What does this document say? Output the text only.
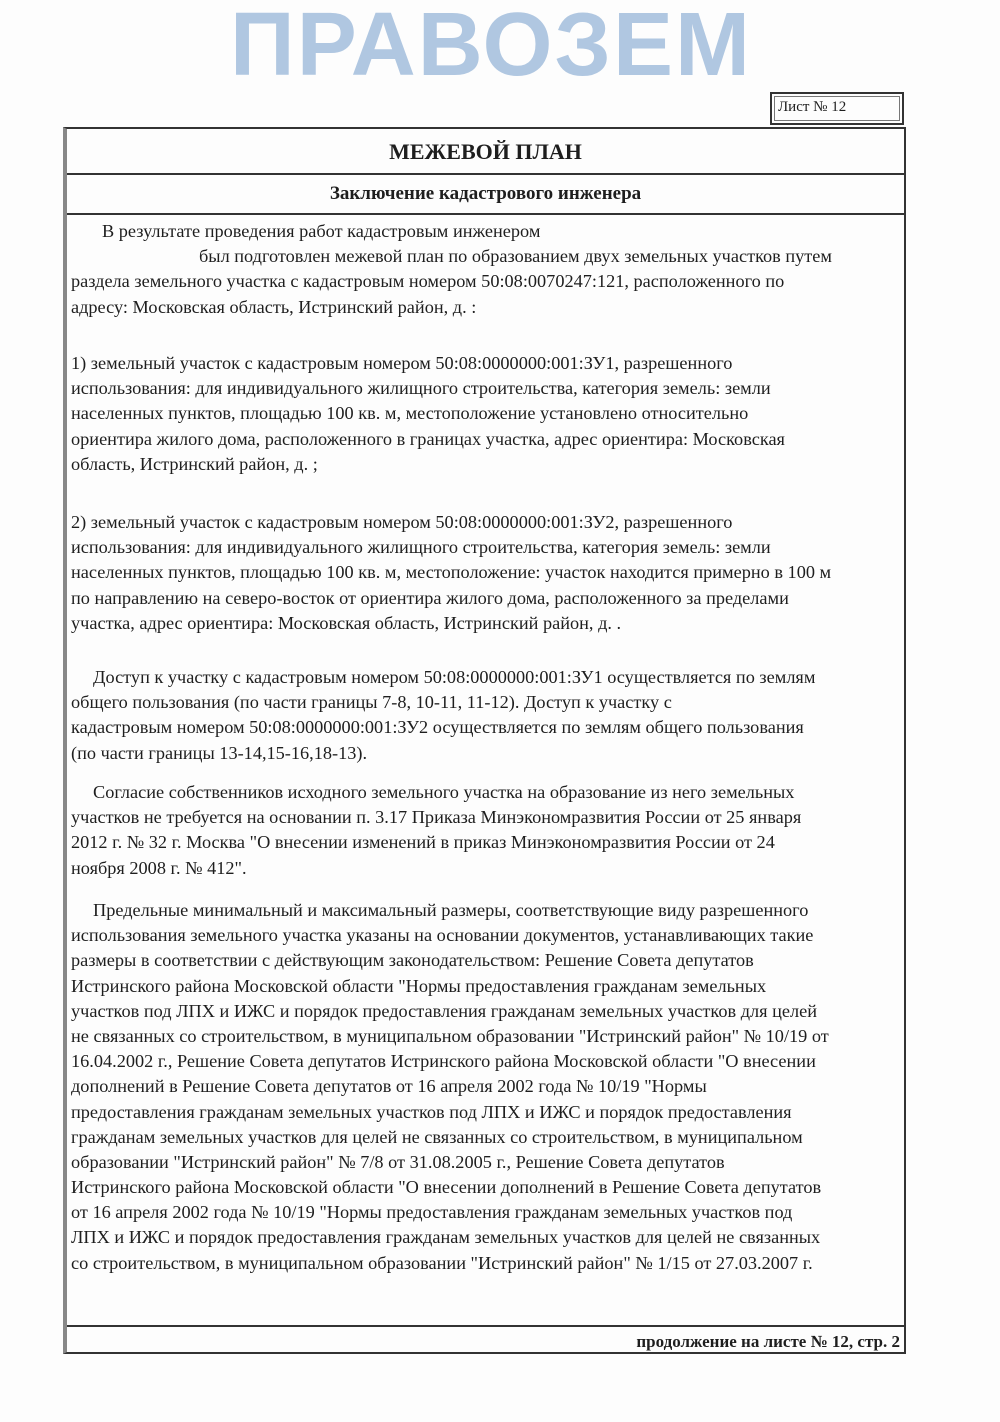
Лист № 12
МЕЖЕВОЙ ПЛАН
Заключение кадастрового инженера
В результате проведения работ кадастровым инженером
был подготовлен межевой план по образованием двух земельных участков путем
раздела земельного участка с кадастровым номером 50:08:0070247:121, расположенного по
адресу: Московская область, Истринский район, д. :
1) земельный участок с кадастровым номером 50:08:0000000:001:ЗУ1, разрешенного
использования: для индивидуального жилищного строительства, категория земель: земли
населенных пунктов, площадью 100 кв. м, местоположение установлено относительно
ориентира жилого дома, расположенного в границах участка, адрес ориентира: Московская
область, Истринский район, д. ;
2) земельный участок с кадастровым номером 50:08:0000000:001:ЗУ2, разрешенного
использования: для индивидуального жилищного строительства, категория земель: земли
населенных пунктов, площадью 100 кв. м, местоположение: участок находится примерно в 100 м
по направлению на северо-восток от ориентира жилого дома, расположенного за пределами
участка, адрес ориентира: Московская область, Истринский район, д. .
Доступ к участку с кадастровым номером 50:08:0000000:001:ЗУ1 осуществляется по землям
общего пользования (по части границы 7-8, 10-11, 11-12). Доступ к участку с
кадастровым номером 50:08:0000000:001:ЗУ2 осуществляется по землям общего пользования
(по части границы 13-14,15-16,18-13).
Согласие собственников исходного земельного участка на образование из него земельных
участков не требуется на основании п. 3.17 Приказа Минэкономразвития России от 25 января
2012 г. № 32 г. Москва "О внесении изменений в приказ Минэкономразвития России от 24
ноября 2008 г. № 412".
Предельные минимальный и максимальный размеры, соответствующие виду разрешенного
использования земельного участка указаны на основании документов, устанавливающих такие
размеры в соответствии с действующим законодательством: Решение Совета депутатов
Истринского района Московской области "Нормы предоставления гражданам земельных
участков под ЛПХ и ИЖС и порядок предоставления гражданам земельных участков для целей
не связанных со строительством, в муниципальном образовании "Истринский район" № 10/19 от
16.04.2002 г., Решение Совета депутатов Истринского района Московской области "О внесении
дополнений в Решение Совета депутатов от 16 апреля 2002 года № 10/19 "Нормы
предоставления гражданам земельных участков под ЛПХ и ИЖС и порядок предоставления
гражданам земельных участков для целей не связанных со строительством, в муниципальном
образовании "Истринский район" № 7/8 от 31.08.2005 г., Решение Совета депутатов
Истринского района Московской области "О внесении дополнений в Решение Совета депутатов
от 16 апреля 2002 года № 10/19 "Нормы предоставления гражданам земельных участков под
ЛПХ и ИЖС и порядок предоставления гражданам земельных участков для целей не связанных
со строительством, в муниципальном образовании "Истринский район" № 1/15 от 27.03.2007 г.
продолжение на листе № 12, стр. 2
ПРАВОЗЕМ
